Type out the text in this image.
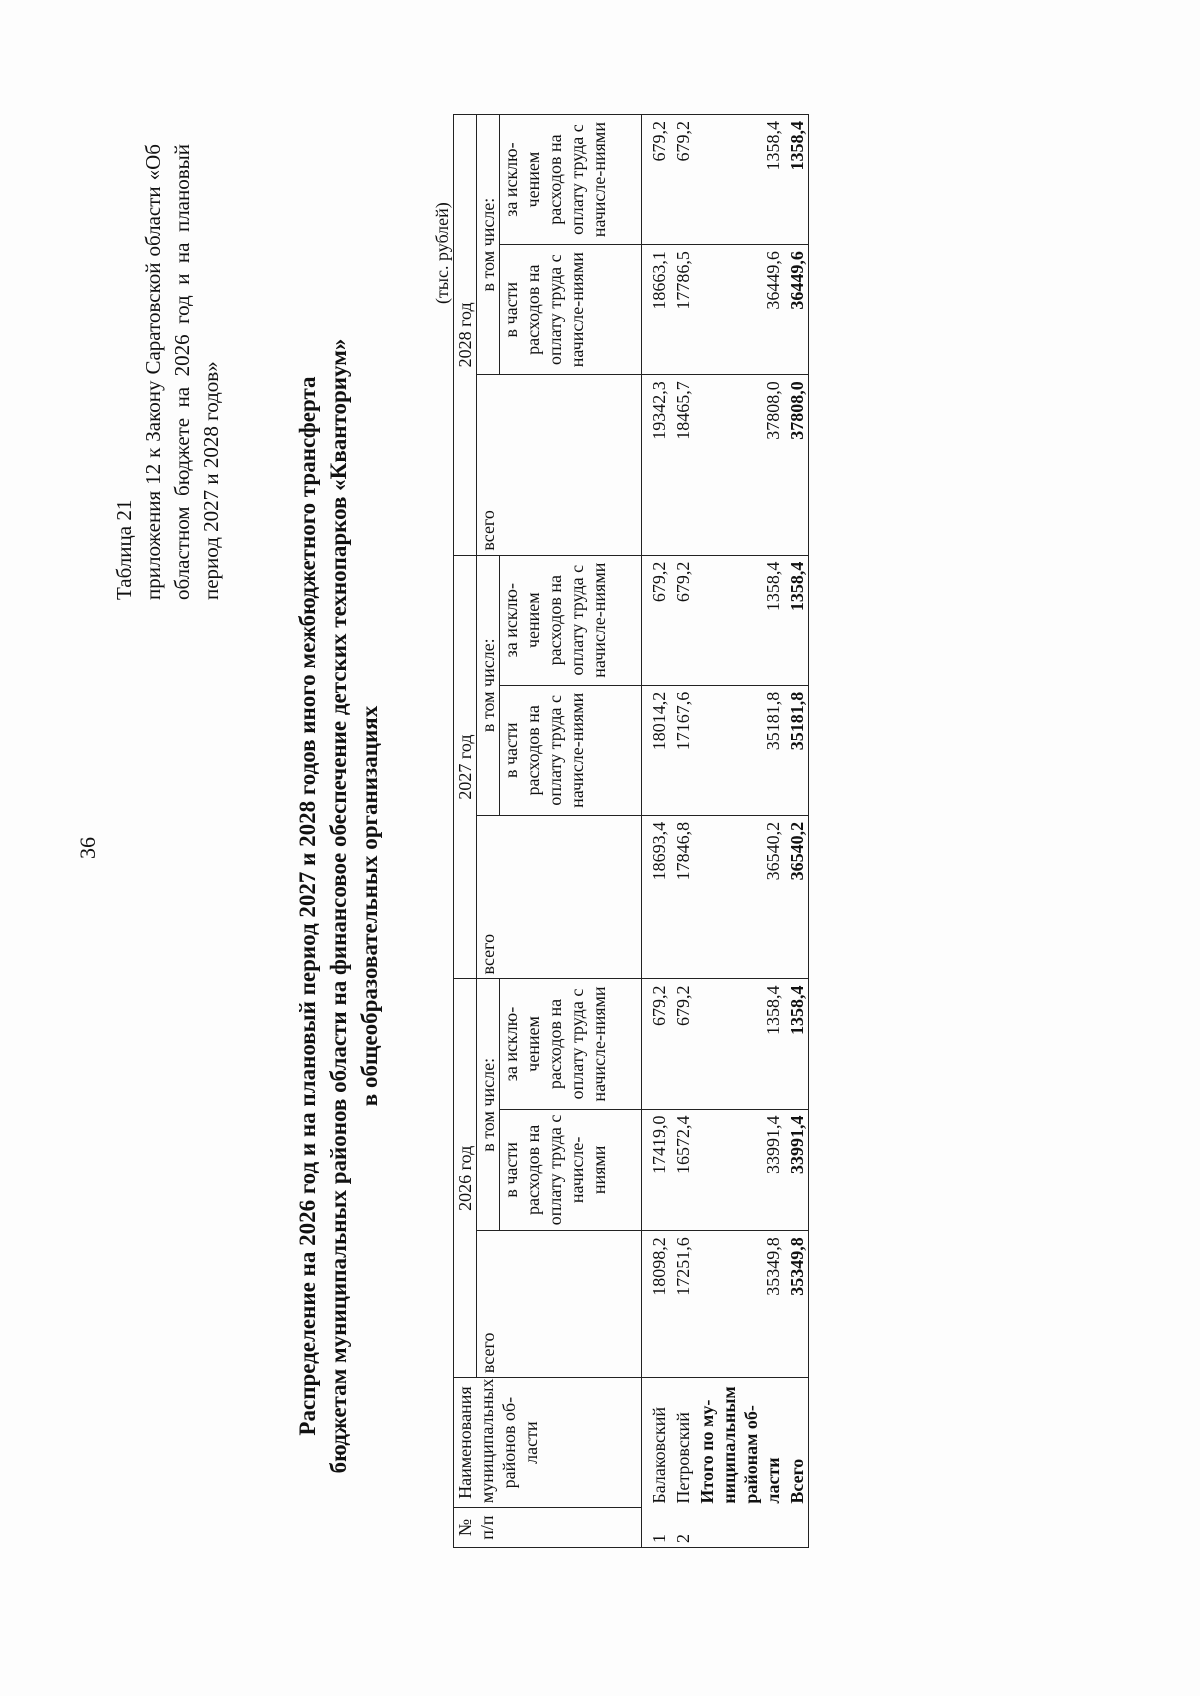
36

Таблица 21 приложения 12 к Закону Саратовской области «Об областном бюджете на 2026 год и на плановый период 2027 и 2028 годов»	Распределение на 2026 год и на плановый период 2027 и 2028 годов иного межбюджетного трансферта бюджетам муниципальных районов области на финансовое обеспечение детских технопарков «Кванториум» в общеобразовательных организациях
(тыс. рублей)
№ п/п	Наименования муниципальных районов об-ласти	2026 год			2027 год			2028 год		
		всего	в том числе:		всего	в том числе:		всего	в том числе:	
			в части расходов на оплату труда с начисле-ниями	за исклю-чением расходов на оплату труда с начисле-ниями		в части расходов на оплату труда с начисле-ниями	за исклю-чением расходов на оплату труда с начисле-ниями		в части расходов на оплату труда с начисле-ниями	за исклю-чением расходов на оплату труда с начисле-ниями
1	Балаковский	18098,2	17419,0	679,2	18693,4	18014,2	679,2	19342,3	18663,1	679,2
2	Петровский	17251,6	16572,4	679,2	17846,8	17167,6	679,2	18465,7	17786,5	679,2
	Итого по му-ниципальным районам об-ласти	35349,8	33991,4	1358,4	36540,2	35181,8	1358,4	37808,0	36449,6	1358,4
	Всего	35349,8	33991,4	1358,4	36540,2	35181,8	1358,4	37808,0	36449,6	1358,4
